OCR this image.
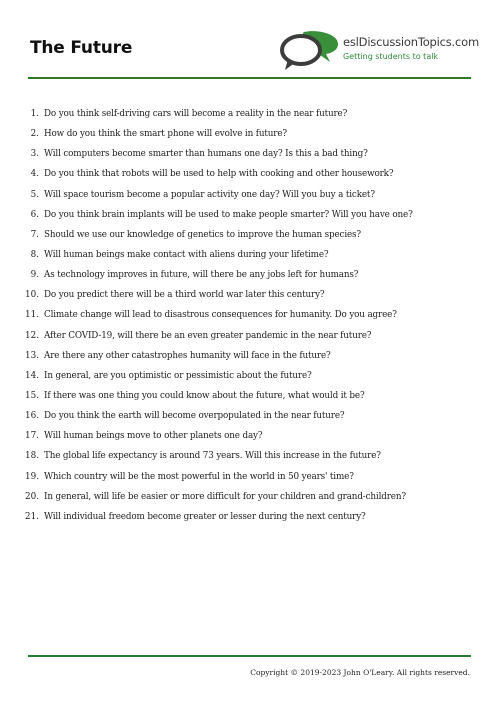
The Future	eslDiscussionTopics.com
Getting students to talk
1. Do you think self-driving cars will become a reality in the near future?
2. How do you think the smart phone will evolve in future?
3. Will computers become smarter than humans one day? Is this a bad thing?
4. Do you think that robots will be used to help with cooking and other housework?
5. Will space tourism become a popular activity one day? Will you buy a ticket?
6. Do you think brain implants will be used to make people smarter? Will you have one?
7. Should we use our knowledge of genetics to improve the human species?
8. Will human beings make contact with aliens during your lifetime?
9. As technology improves in future, will there be any jobs left for humans?
10. Do you predict there will be a third world war later this century?
11. Climate change will lead to disastrous consequences for humanity. Do you agree?
12. After COVID-19, will there be an even greater pandemic in the near future?
13. Are there any other catastrophes humanity will face in the future?
14. In general, are you optimistic or pessimistic about the future?
15. If there was one thing you could know about the future, what would it be?
16. Do you think the earth will become overpopulated in the near future?
17. Will human beings move to other planets one day?
18. The global life expectancy is around 73 years. Will this increase in the future?
19. Which country will be the most powerful in the world in 50 years' time?
20. In general, will life be easier or more difficult for your children and grand-children?
21. Will individual freedom become greater or lesser during the next century?
Copyright © 2019-2023 John O'Leary. All rights reserved.
